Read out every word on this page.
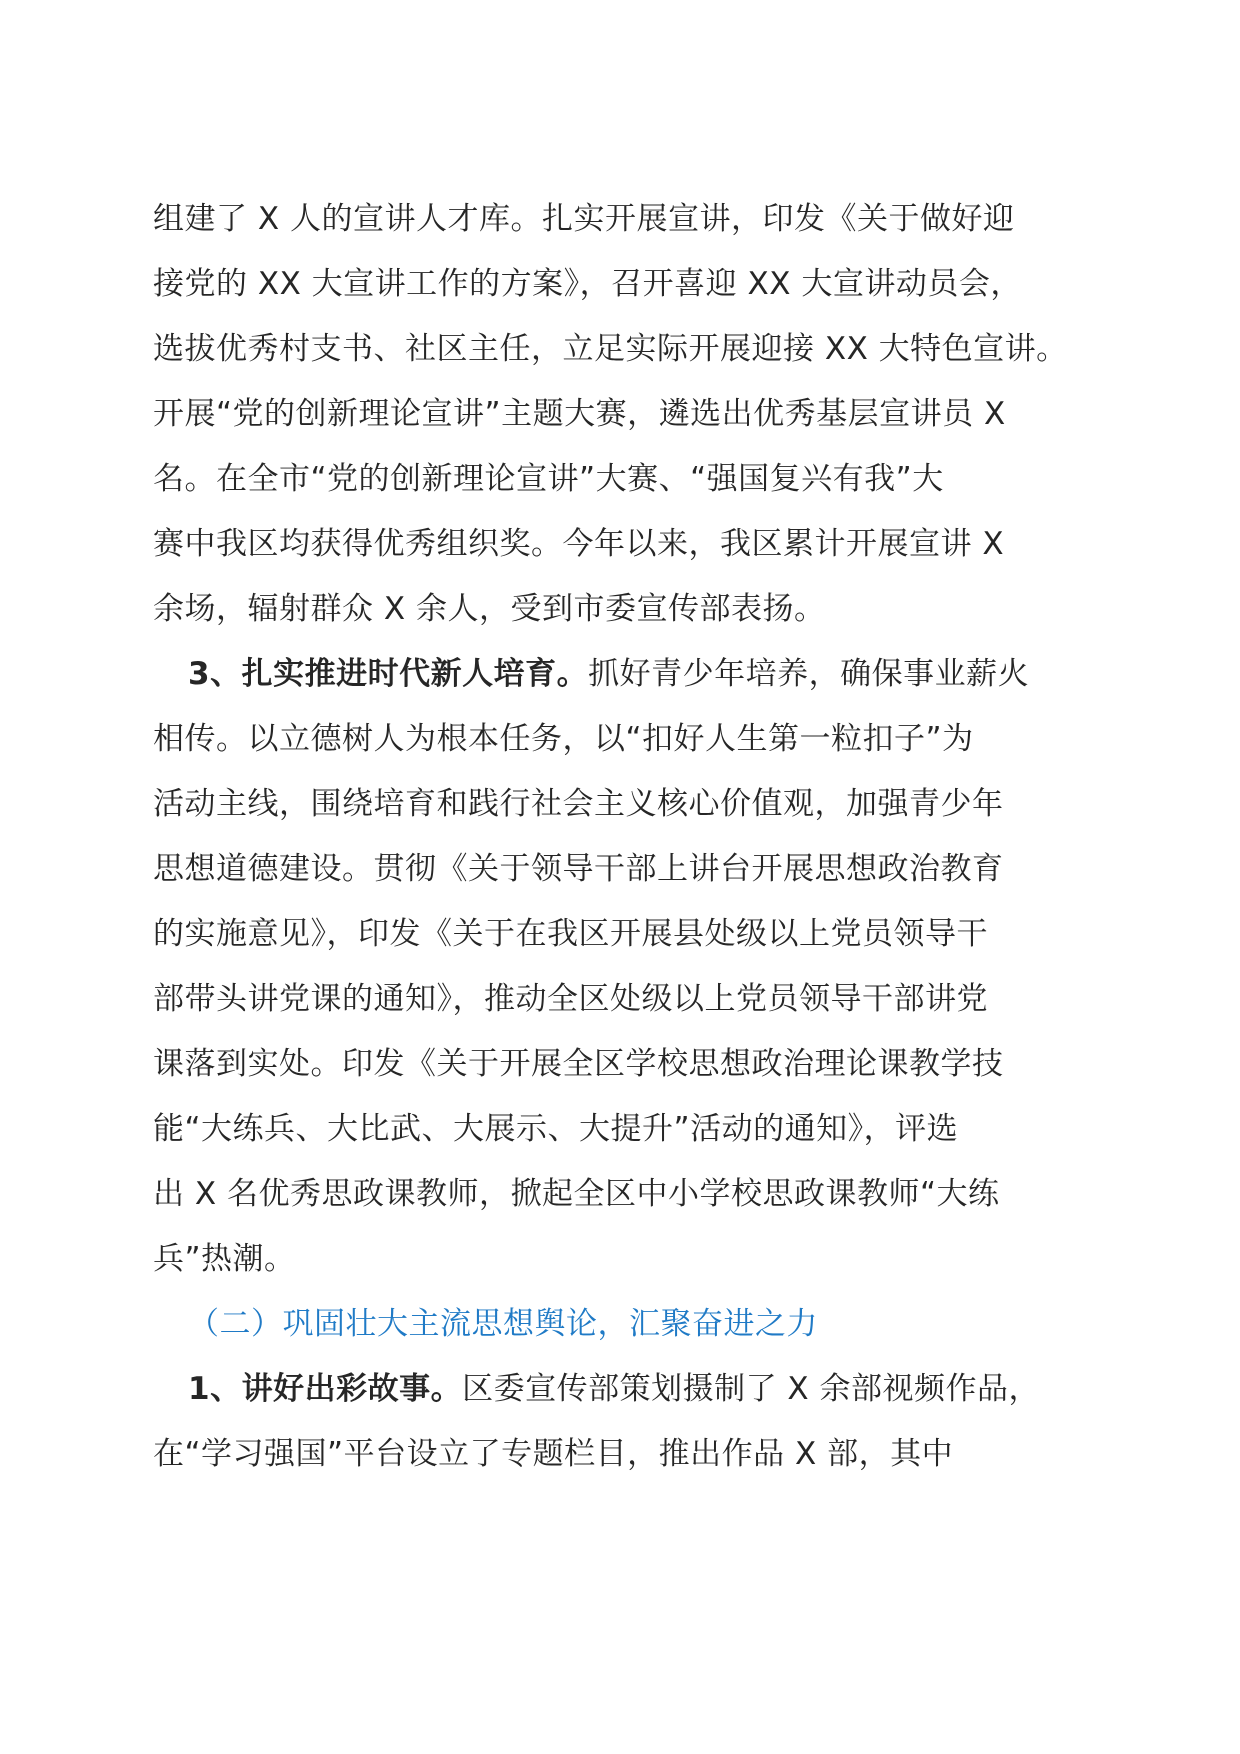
组建了 X 人的宣讲人才库。扎实开展宣讲，印发《关于做好迎
接党的 XX 大宣讲工作的方案》，召开喜迎 XX 大宣讲动员会，
选拔优秀村支书、社区主任，立足实际开展迎接 XX 大特色宣讲。
开展“党的创新理论宣讲”主题大赛，遴选出优秀基层宣讲员 X
名。在全市“党的创新理论宣讲”大赛、“强国复兴有我”大
赛中我区均获得优秀组织奖。今年以来，我区累计开展宣讲 X
余场，辐射群众 X 余人，受到市委宣传部表扬。
3、扎实推进时代新人培育。抓好青少年培养，确保事业薪火
相传。以立德树人为根本任务，以“扣好人生第一粒扣子”为
活动主线，围绕培育和践行社会主义核心价值观，加强青少年
思想道德建设。贯彻《关于领导干部上讲台开展思想政治教育
的实施意见》，印发《关于在我区开展县处级以上党员领导干
部带头讲党课的通知》，推动全区处级以上党员领导干部讲党
课落到实处。印发《关于开展全区学校思想政治理论课教学技
能“大练兵、大比武、大展示、大提升”活动的通知》，评选
出 X 名优秀思政课教师，掀起全区中小学校思政课教师“大练
兵”热潮。
（二）巩固壮大主流思想舆论，汇聚奋进之力
1、讲好出彩故事。区委宣传部策划摄制了 X 余部视频作品，
在“学习强国”平台设立了专题栏目，推出作品 X 部，其中
